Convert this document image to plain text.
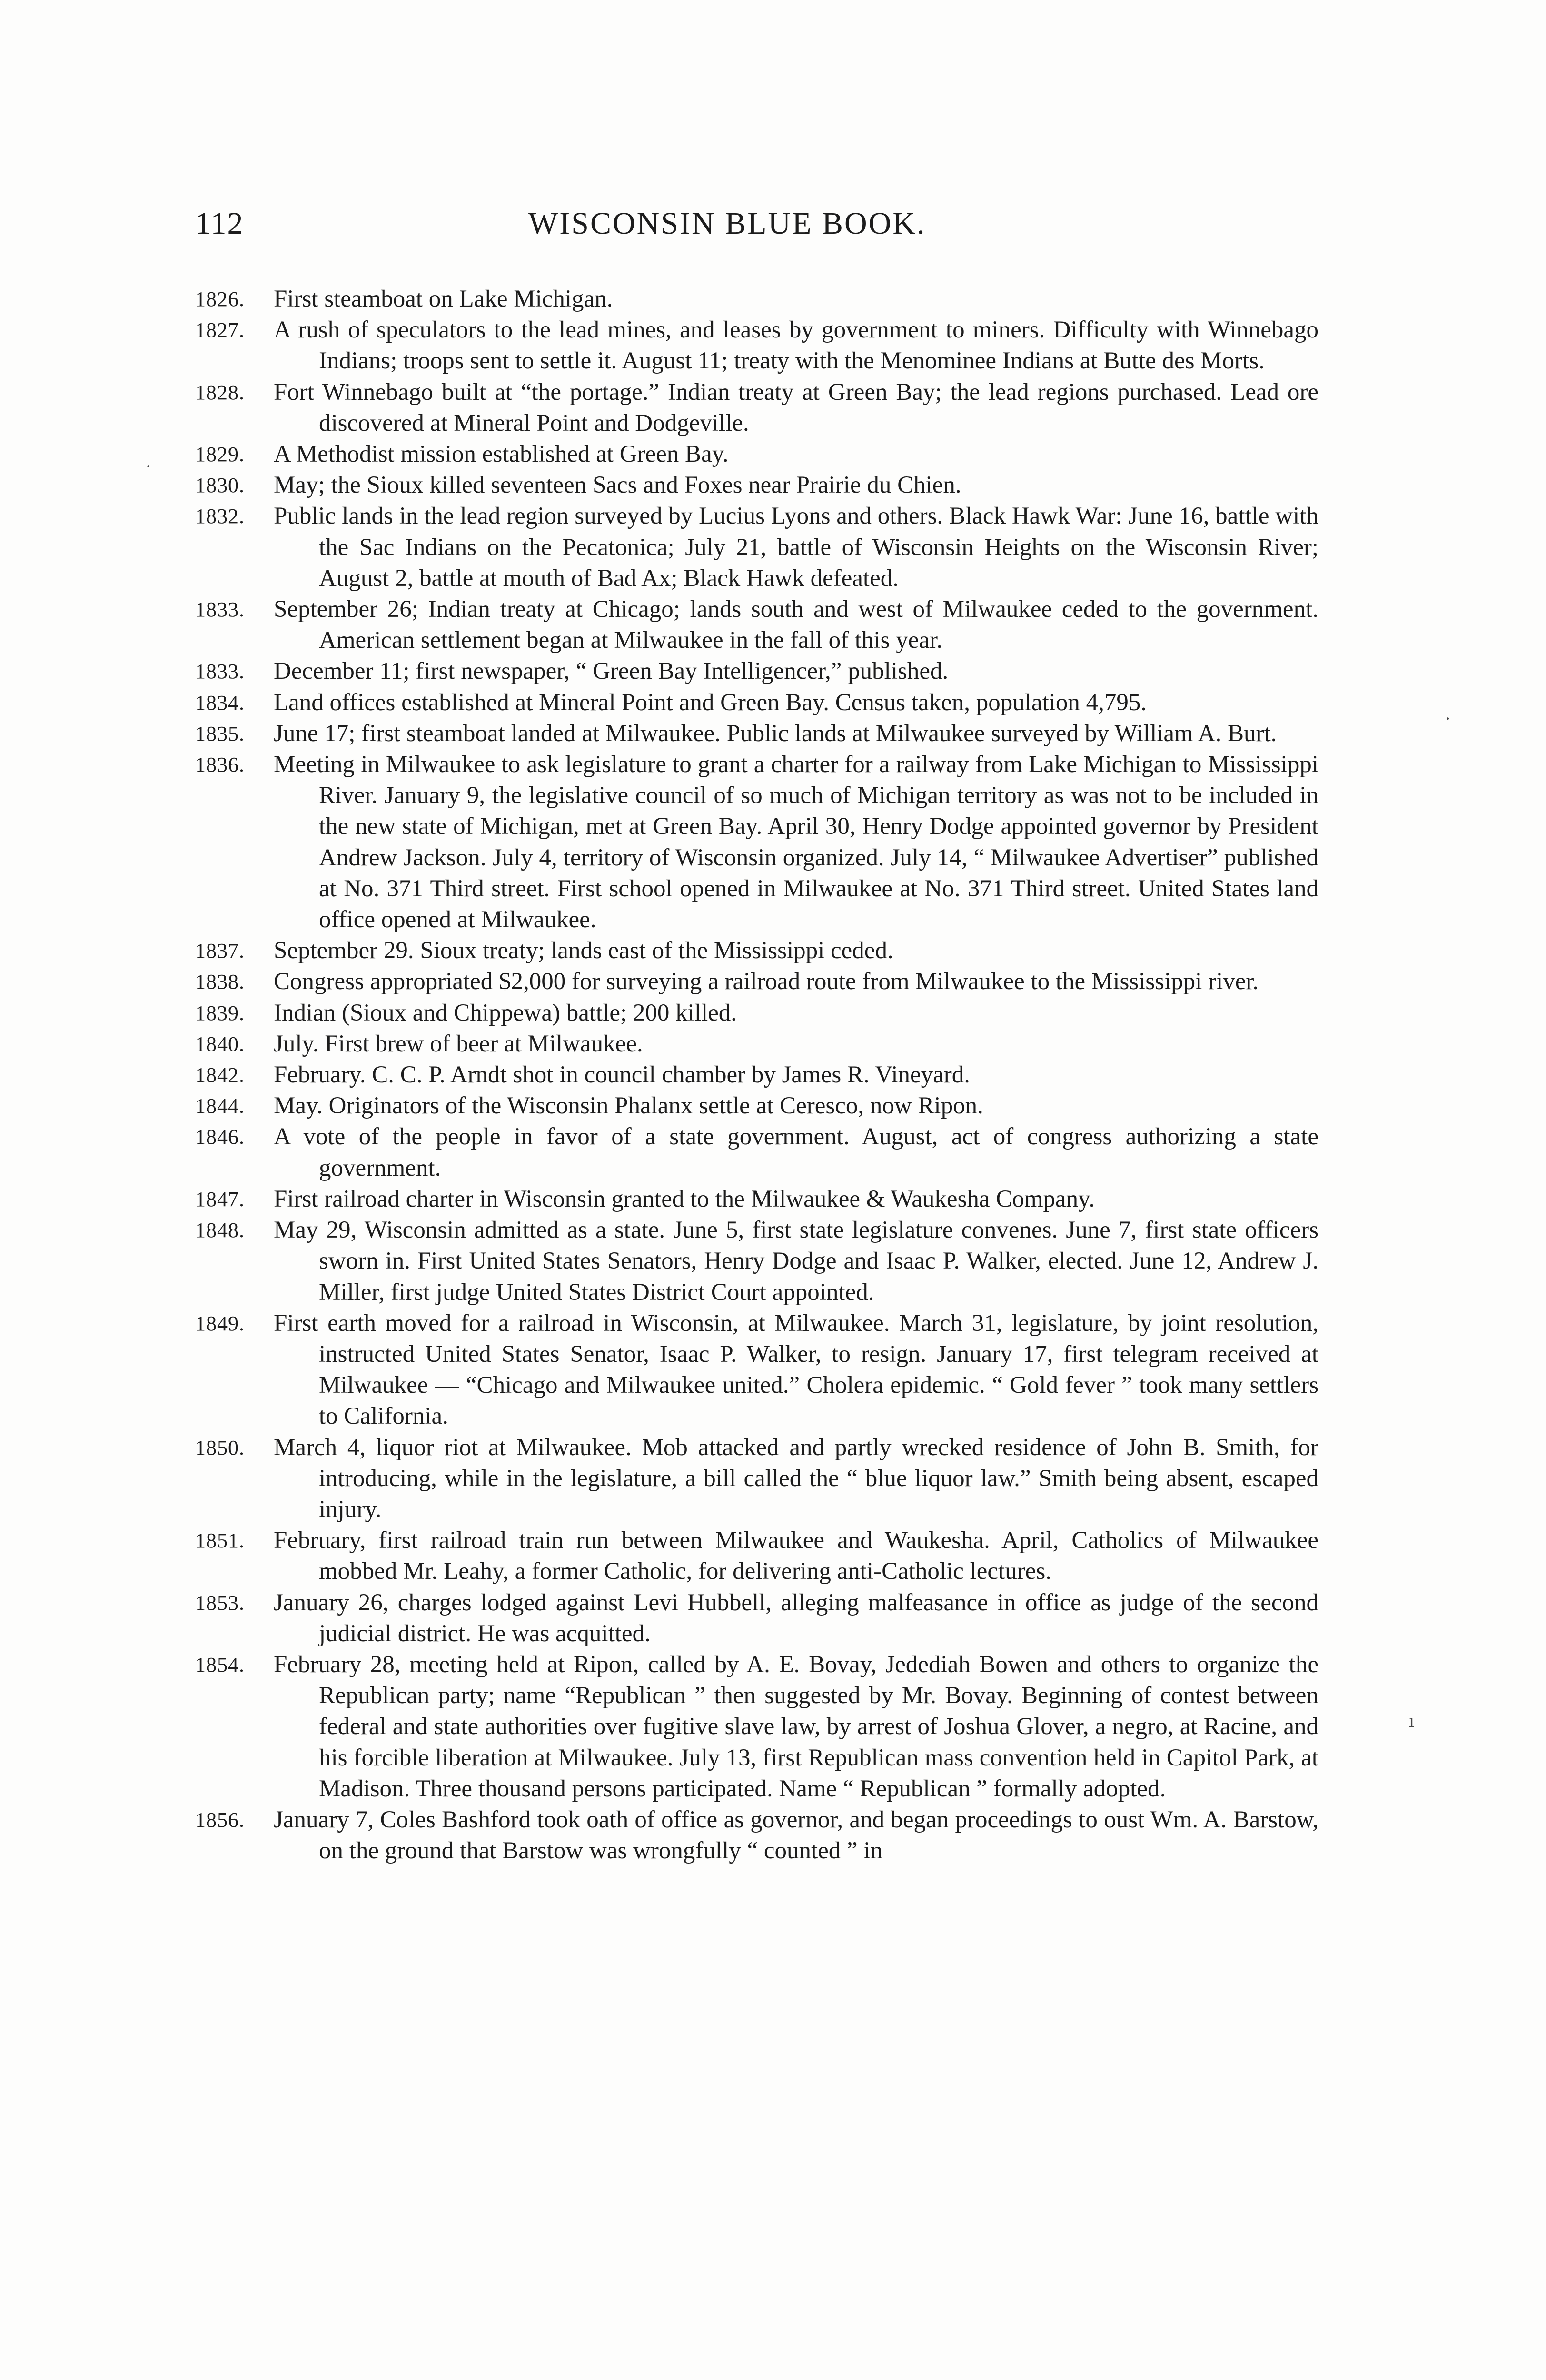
112	WISCONSIN BLUE BOOK.
1826.	First steamboat on Lake Michigan.
1827.	A rush of speculators to the lead mines, and leases by government to miners. Difficulty with Winnebago Indians; troops sent to settle it. August 11; treaty with the Menominee Indians at Butte des Morts.
1828.	Fort Winnebago built at “the portage.” Indian treaty at Green Bay; the lead regions purchased. Lead ore discovered at Mineral Point and Dodgeville.
1829.	A Methodist mission established at Green Bay.
1830.	May; the Sioux killed seventeen Sacs and Foxes near Prairie du Chien.
1832.	Public lands in the lead region surveyed by Lucius Lyons and others. Black Hawk War: June 16, battle with the Sac Indians on the Pecatonica; July 21, battle of Wisconsin Heights on the Wisconsin River; August 2, battle at mouth of Bad Ax; Black Hawk defeated.
1833.	September 26; Indian treaty at Chicago; lands south and west of Milwaukee ceded to the government. American settlement began at Milwaukee in the fall of this year.
1833.	December 11; first newspaper, “ Green Bay Intelligencer,” published.
1834.	Land offices established at Mineral Point and Green Bay. Census taken, population 4,795.
1835.	June 17; first steamboat landed at Milwaukee. Public lands at Milwaukee surveyed by William A. Burt.
1836.	Meeting in Milwaukee to ask legislature to grant a charter for a railway from Lake Michigan to Mississippi River. January 9, the legislative council of so much of Michigan territory as was not to be included in the new state of Michigan, met at Green Bay. April 30, Henry Dodge appointed governor by President Andrew Jackson. July 4, territory of Wisconsin organized. July 14, “ Milwaukee Advertiser” published at No. 371 Third street. First school opened in Milwaukee at No. 371 Third street. United States land office opened at Milwaukee.
1837.	September 29. Sioux treaty; lands east of the Mississippi ceded.
1838.	Congress appropriated $2,000 for surveying a railroad route from Milwaukee to the Mississippi river.
1839.	Indian (Sioux and Chippewa) battle; 200 killed.
1840.	July. First brew of beer at Milwaukee.
1842.	February. C. C. P. Arndt shot in council chamber by James R. Vineyard.
1844.	May. Originators of the Wisconsin Phalanx settle at Ceresco, now Ripon.
1846.	A vote of the people in favor of a state government. August, act of congress authorizing a state government.
1847.	First railroad charter in Wisconsin granted to the Milwaukee & Waukesha Company.
1848.	May 29, Wisconsin admitted as a state. June 5, first state legislature convenes. June 7, first state officers sworn in. First United States Senators, Henry Dodge and Isaac P. Walker, elected. June 12, Andrew J. Miller, first judge United States District Court appointed.
1849.	First earth moved for a railroad in Wisconsin, at Milwaukee. March 31, legislature, by joint resolution, instructed United States Senator, Isaac P. Walker, to resign. January 17, first telegram received at Milwaukee — “Chicago and Milwaukee united.” Cholera epidemic. “ Gold fever ” took many settlers to California.
1850.	March 4, liquor riot at Milwaukee. Mob attacked and partly wrecked residence of John B. Smith, for introducing, while in the legislature, a bill called the “ blue liquor law.” Smith being absent, escaped injury.
1851.	February, first railroad train run between Milwaukee and Waukesha. April, Catholics of Milwaukee mobbed Mr. Leahy, a former Catholic, for delivering anti-Catholic lectures.
1853.	January 26, charges lodged against Levi Hubbell, alleging malfeasance in office as judge of the second judicial district. He was acquitted.
1854.	February 28, meeting held at Ripon, called by A. E. Bovay, Jedediah Bowen and others to organize the Republican party; name “Republican ” then suggested by Mr. Bovay. Beginning of contest between federal and state authorities over fugitive slave law, by arrest of Joshua Glover, a negro, at Racine, and his forcible liberation at Milwaukee. July 13, first Republican mass convention held in Capitol Park, at Madison. Three thousand persons participated. Name “ Republican ” formally adopted.
1856.	January 7, Coles Bashford took oath of office as governor, and began proceedings to oust Wm. A. Barstow, on the ground that Barstow was wrongfully “ counted ” in
·
ı
·
